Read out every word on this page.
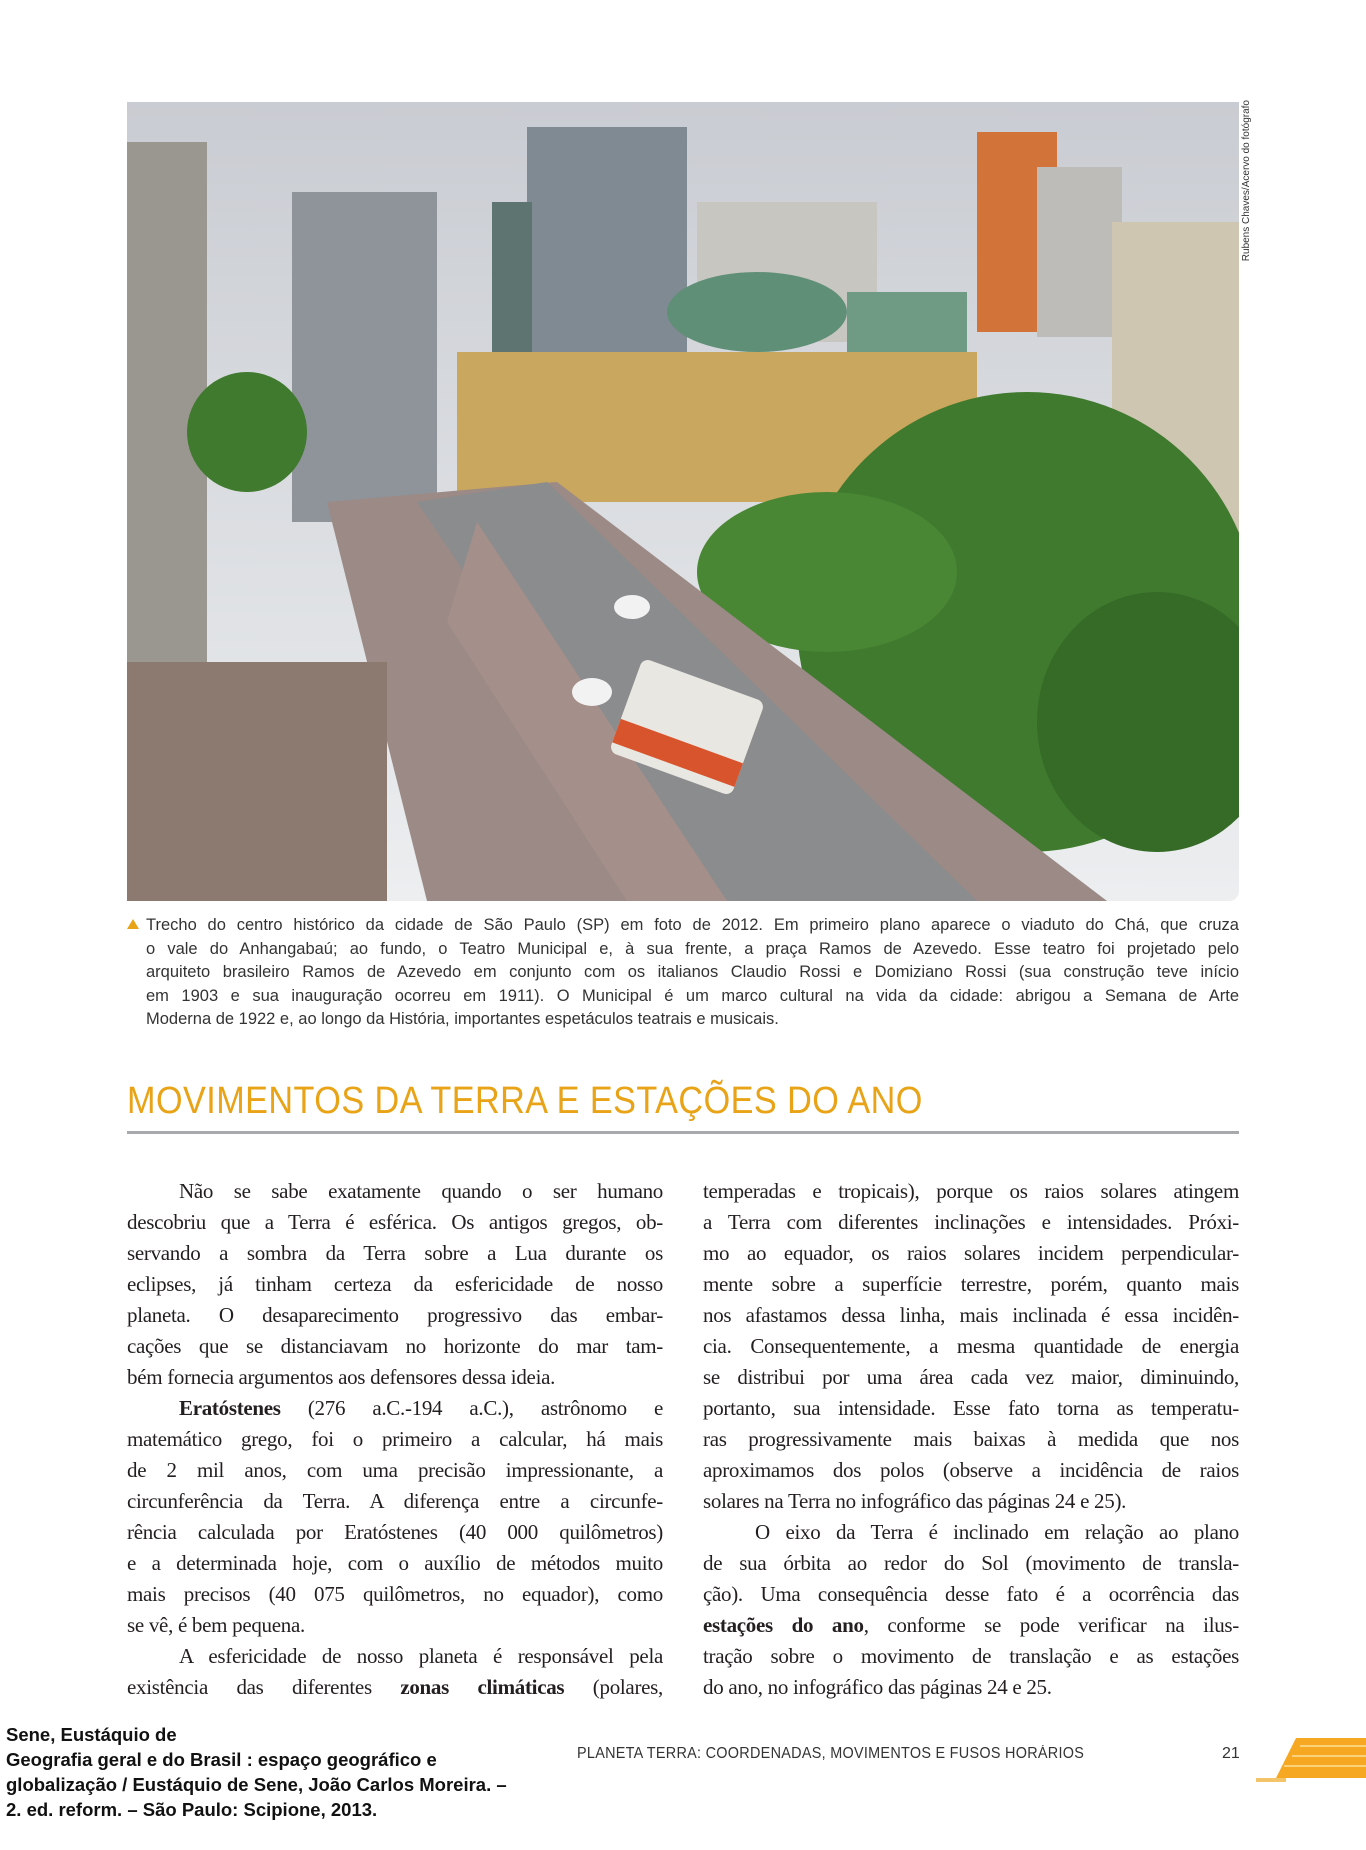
Rubens Chaves/Acervo do fotógrafo
Trecho do centro histórico da cidade de São Paulo (SP) em foto de 2012. Em primeiro plano aparece o viaduto do Chá, que cruza
o vale do Anhangabaú; ao fundo, o Teatro Municipal e, à sua frente, a praça Ramos de Azevedo. Esse teatro foi projetado pelo
arquiteto brasileiro Ramos de Azevedo em conjunto com os italianos Claudio Rossi e Domiziano Rossi (sua construção teve início
em 1903 e sua inauguração ocorreu em 1911). O Municipal é um marco cultural na vida da cidade: abrigou a Semana de Arte
Moderna de 1922 e, ao longo da História, importantes espetáculos teatrais e musicais.
MOVIMENTOS DA TERRA E ESTAÇÕES DO ANO
Não se sabe exatamente quando o ser humano
descobriu que a Terra é esférica. Os antigos gregos, ob-
servando a sombra da Terra sobre a Lua durante os
eclipses, já tinham certeza da esfericidade de nosso
planeta. O desaparecimento progressivo das embar-
cações que se distanciavam no horizonte do mar tam-
bém fornecia argumentos aos defensores dessa ideia.
Eratóstenes (276 a.C.-194 a.C.), astrônomo e
matemático grego, foi o primeiro a calcular, há mais
de 2 mil anos, com uma precisão impressionante, a
circunferência da Terra. A diferença entre a circunfe-
rência calculada por Eratóstenes (40 000 quilômetros)
e a determinada hoje, com o auxílio de métodos muito
mais precisos (40 075 quilômetros, no equador), como
se vê, é bem pequena.
A esfericidade de nosso planeta é responsável pela
existência das diferentes zonas climáticas (polares,
temperadas e tropicais), porque os raios solares atingem
a Terra com diferentes inclinações e intensidades. Próxi-
mo ao equador, os raios solares incidem perpendicular-
mente sobre a superfície terrestre, porém, quanto mais
nos afastamos dessa linha, mais inclinada é essa incidên-
cia. Consequentemente, a mesma quantidade de energia
se distribui por uma área cada vez maior, diminuindo,
portanto, sua intensidade. Esse fato torna as temperatu-
ras progressivamente mais baixas à medida que nos
aproximamos dos polos (observe a incidência de raios
solares na Terra no infográfico das páginas 24 e 25).
O eixo da Terra é inclinado em relação ao plano
de sua órbita ao redor do Sol (movimento de transla-
ção). Uma consequência desse fato é a ocorrência das
estações do ano, conforme se pode verificar na ilus-
tração sobre o movimento de translação e as estações
do ano, no infográfico das páginas 24 e 25.
Sene, Eustáquio de
Geografia geral e do Brasil : espaço geográfico e
globalização / Eustáquio de Sene, João Carlos Moreira. –
2. ed. reform. – São Paulo: Scipione, 2013.
PLANETA TERRA: COORDENADAS, MOVIMENTOS E FUSOS HORÁRIOS	21
